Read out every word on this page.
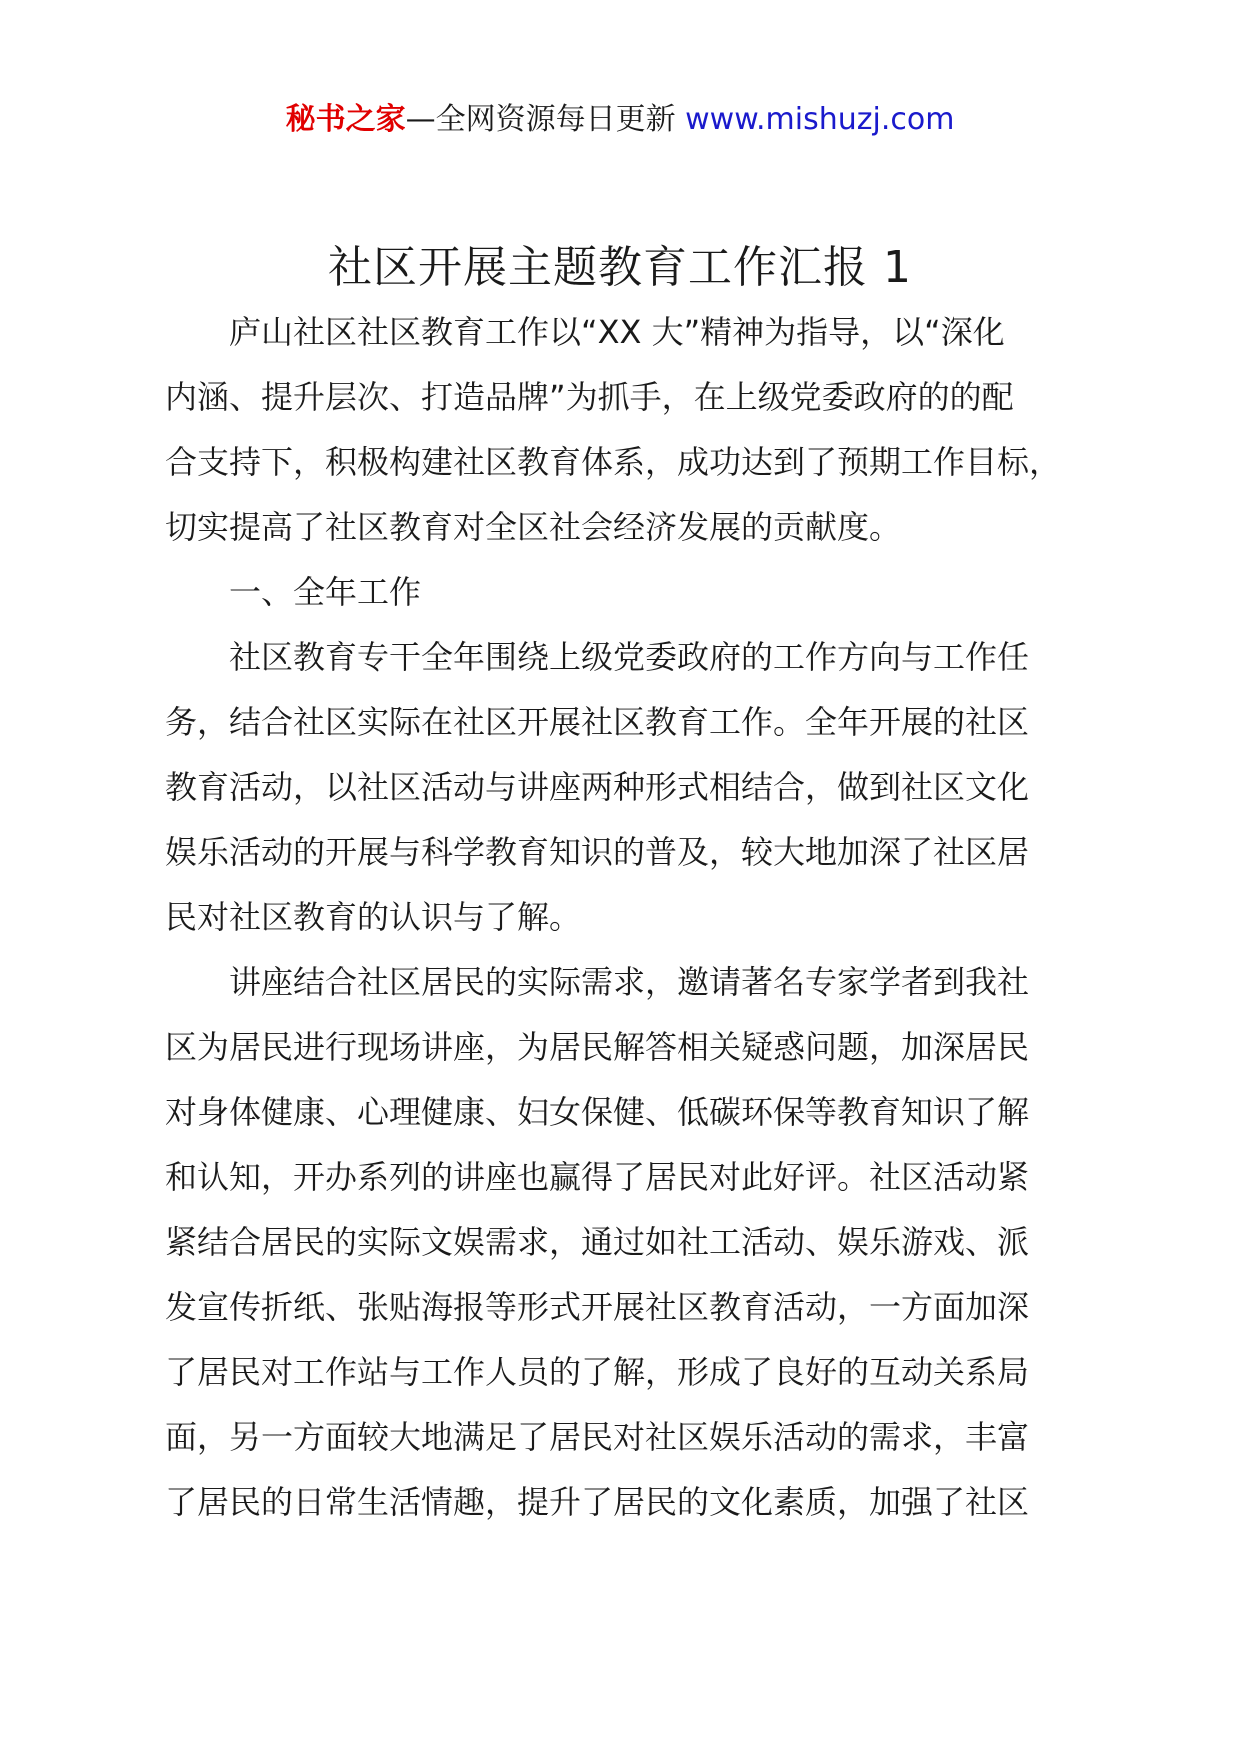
秘书之家—全网资源每日更新 www.mishuzj.com
社区开展主题教育工作汇报 1

庐山社区社区教育工作以“XX 大”精神为指导，以“深化
内涵、提升层次、打造品牌”为抓手，在上级党委政府的的配
合支持下，积极构建社区教育体系，成功达到了预期工作目标，
切实提高了社区教育对全区社会经济发展的贡献度。

一、全年工作

社区教育专干全年围绕上级党委政府的工作方向与工作任
务，结合社区实际在社区开展社区教育工作。全年开展的社区
教育活动，以社区活动与讲座两种形式相结合，做到社区文化
娱乐活动的开展与科学教育知识的普及，较大地加深了社区居
民对社区教育的认识与了解。

讲座结合社区居民的实际需求，邀请著名专家学者到我社
区为居民进行现场讲座，为居民解答相关疑惑问题，加深居民
对身体健康、心理健康、妇女保健、低碳环保等教育知识了解
和认知，开办系列的讲座也赢得了居民对此好评。社区活动紧
紧结合居民的实际文娱需求，通过如社工活动、娱乐游戏、派
发宣传折纸、张贴海报等形式开展社区教育活动，一方面加深
了居民对工作站与工作人员的了解，形成了良好的互动关系局
面，另一方面较大地满足了居民对社区娱乐活动的需求，丰富
了居民的日常生活情趣，提升了居民的文化素质，加强了社区
